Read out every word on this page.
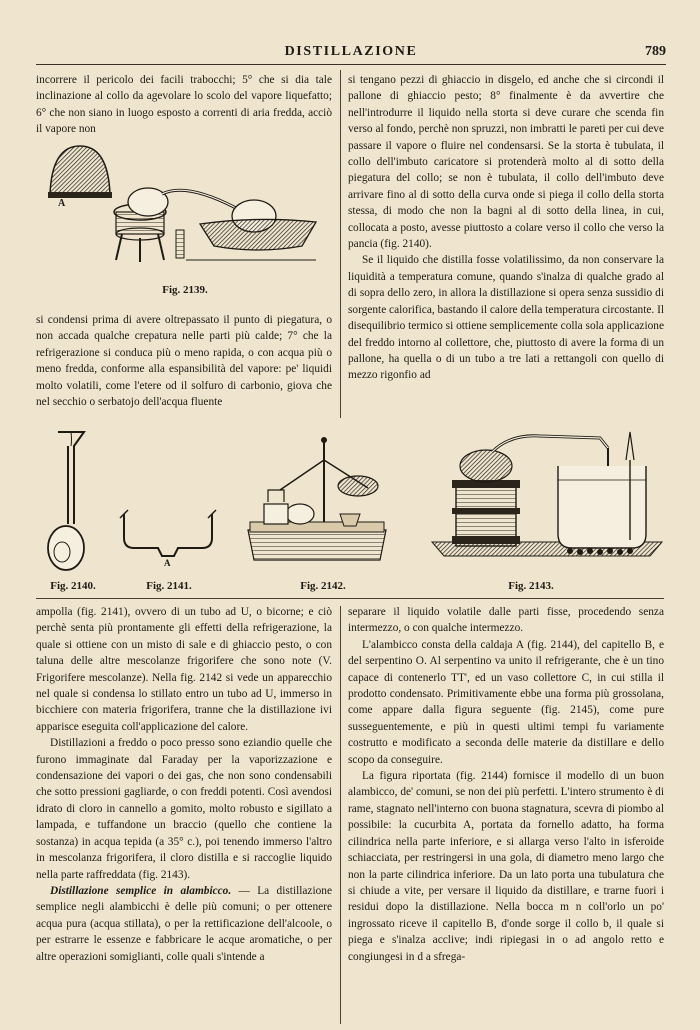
DISTILLAZIONE	789

incorrere il pericolo dei facili trabocchi; 5° che si dia tale inclinazione al collo da agevolare lo scolo del vapore liquefatto; 6° che non siano in luogo esposto a correnti di aria fredda, acciò il vapore non

A
Fig. 2139.

si condensi prima di avere oltrepassato il punto di piegatura, o non accada qualche crepatura nelle parti più calde; 7° che la refrigerazione si conduca più o meno rapida, o con acqua più o meno fredda, conforme alla espansibilità del vapore: pe' liquidi molto volatili, come l'etere od il solfuro di carbonio, giova che nel secchio o serbatojo dell'acqua fluente

si tengano pezzi di ghiaccio in disgelo, ed anche che si circondi il pallone di ghiaccio pesto; 8° finalmente è da avvertire che nell'introdurre il liquido nella storta si deve curare che scenda fin verso al fondo, perchè non spruzzi, non imbratti le pareti per cui deve passare il vapore o fluire nel condensarsi. Se la storta è tubulata, il collo dell'imbuto caricatore si protenderà molto al di sotto della piegatura del collo; se non è tubulata, il collo dell'imbuto deve arrivare fino al di sotto della curva onde si piega il collo della storta stessa, di modo che non la bagni al di sotto della linea, in cui, collocata a posto, avesse piuttosto a colare verso il collo che verso la pancia (fig. 2140).

Se il liquido che distilla fosse volatilissimo, da non conservare la liquidità a temperatura comune, quando s'inalza di qualche grado al di sopra dello zero, in allora la distillazione si opera senza sussidio di sorgente calorifica, bastando il calore della temperatura circostante. Il disequilibrio termico si ottiene semplicemente colla sola applicazione del freddo intorno al collettore, che, piuttosto di avere la forma di un pallone, ha quella o di un tubo a tre lati a rettangoli con quello di mezzo rigonfio ad

Fig. 2140.
A
Fig. 2141.	Fig. 2142.	Fig. 2143.

ampolla (fig. 2141), ovvero di un tubo ad U, o bicorne; e ciò perchè senta più prontamente gli effetti della refrigerazione, la quale si ottiene con un misto di sale e di ghiaccio pesto, o con taluna delle altre mescolanze frigorifere che sono note (V. Frigorifere mescolanze). Nella fig. 2142 si vede un apparecchio nel quale si condensa lo stillato entro un tubo ad U, immerso in bicchiere con materia frigorifera, tranne che la distillazione ivi apparisce eseguita coll'applicazione del calore.

Distillazioni a freddo o poco presso sono eziandio quelle che furono immaginate dal Faraday per la vaporizzazione e condensazione dei vapori o dei gas, che non sono condensabili che sotto pressioni gagliarde, o con freddi potenti. Così avendosi idrato di cloro in cannello a gomito, molto robusto e sigillato a lampada, e tuffandone un braccio (quello che contiene la sostanza) in acqua tepida (a 35° c.), poi tenendo immerso l'altro in mescolanza frigorifera, il cloro distilla e si raccoglie liquido nella parte raffreddata (fig. 2143).

Distillazione semplice in alambicco. — La distillazione semplice negli alambicchi è delle più comuni; o per ottenere acqua pura (acqua stillata), o per la rettificazione dell'alcoole, o per estrarre le essenze e fabbricare le acque aromatiche, o per altre operazioni somiglianti, colle quali s'intende a

separare il liquido volatile dalle parti fisse, procedendo senza intermezzo, o con qualche intermezzo.

L'alambicco consta della caldaja A (fig. 2144), del capitello B, e del serpentino O. Al serpentino va unito il refrigerante, che è un tino capace di contenerlo TT', ed un vaso collettore C, in cui stilla il prodotto condensato. Primitivamente ebbe una forma più grossolana, come appare dalla figura seguente (fig. 2145), come pure susseguentemente, e più in questi ultimi tempi fu variamente costrutto e modificato a seconda delle materie da distillare e dello scopo da conseguire.

La figura riportata (fig. 2144) fornisce il modello di un buon alambicco, de' comuni, se non dei più perfetti. L'intero strumento è di rame, stagnato nell'interno con buona stagnatura, scevra di piombo al possibile: la cucurbita A, portata da fornello adatto, ha forma cilindrica nella parte inferiore, e si allarga verso l'alto in isferoide schiacciata, per restringersi in una gola, di diametro meno largo che non la parte cilindrica inferiore. Da un lato porta una tubulatura che si chiude a vite, per versare il liquido da distillare, e trarne fuori i residui dopo la distillazione. Nella bocca m n coll'orlo un po' ingrossato riceve il capitello B, d'onde sorge il collo b, il quale si piega e s'inalza acclive; indi ripiegasi in o ad angolo retto e congiungesi in d a sfrega-
